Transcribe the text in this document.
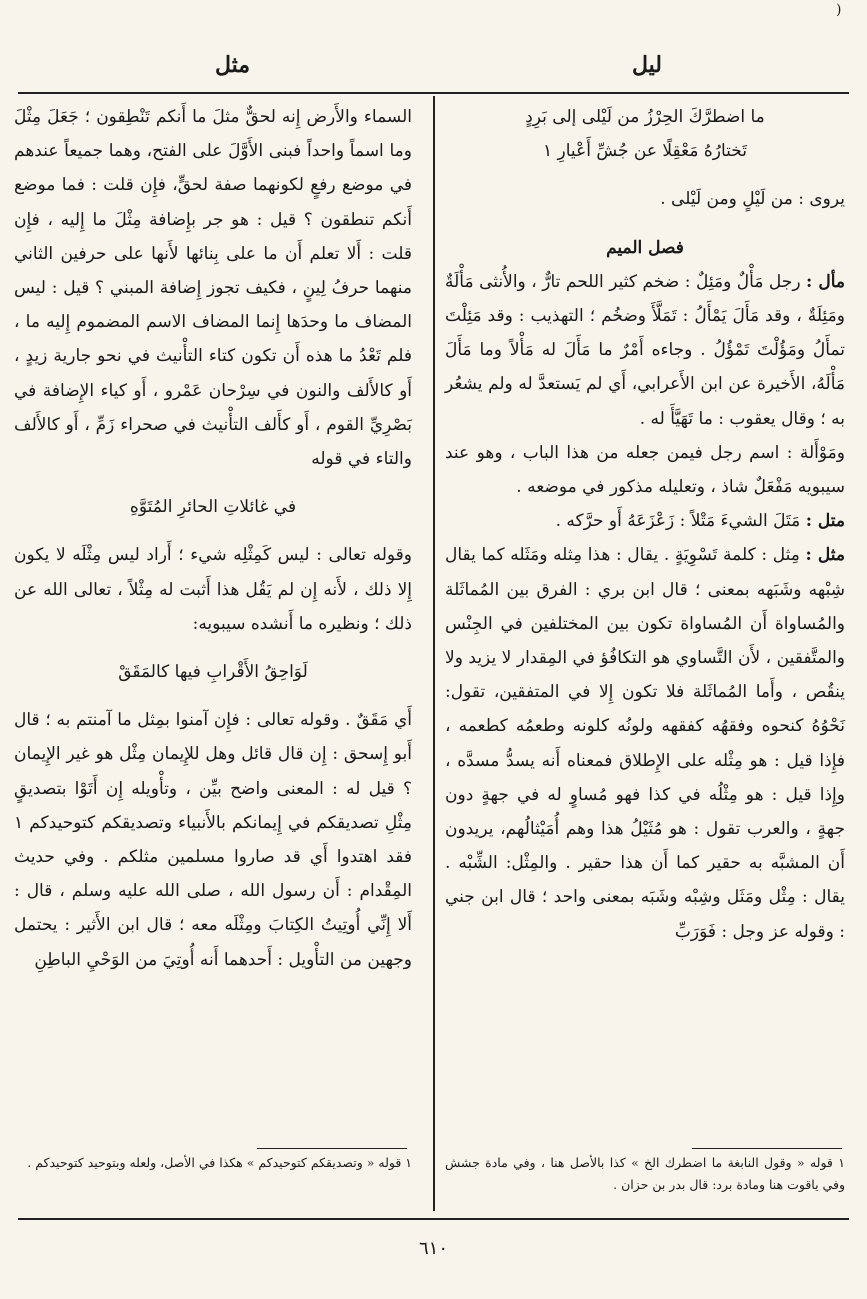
(
ليل
مثل

ما اضطرَّكَ الحِرْزُ من لَيْلى إلى بَرِدٍ

تَختارُهُ مَعْقِلًا عن جُشِّ أَعْيارِ ١

يروى : من لَيْلٍ ومن لَيْلى .

فصل الميم

مأل : رجل مَأْلٌ ومَئِلٌ : ضخم كثير اللحم تارٌّ ، والأُنثى مَأْلَةٌ ومَئِلَةٌ ، وقد مَأَلَ يَمْأَلُ : تَمَلَّأَ وضخُم ؛ التهذيب : وقد مَئِلْتَ تمأَلُ ومَؤُلْتَ تَمْؤُلُ . وجاءه أَمْرٌ ما مَأَلَ له مَأْلاً وما مَأَلَ مَأْلَهُ، الأَخيرة عن ابن الأَعرابي، أَي لم يَستعدَّ له ولم يشعُر به ؛ وقال يعقوب : ما تَهَيَّأَ له .

ومَوْأَلة : اسم رجل فيمن جعله من هذا الباب ، وهو عند سيبويه مَفْعَلٌ شاذ ، وتعليله مذكور في موضعه .

متل : مَتَلَ الشيءَ مَتْلاً : زَعْزَعَهُ أَو حرَّكه .

مثل : مِثل : كلمة تَسْوِيَةٍ . يقال : هذا مِثله ومَثَله كما يقال شِبْهه وشَبَهه بمعنى ؛ قال ابن بري : الفرق بين المُماثَلة والمُساواة أَن المُساواة تكون بين المختلفين في الجِنْس والمتَّفقين ، لأَن التَّساوي هو التكافُؤ في المِقدار لا يزيد ولا ينقُص ، وأَما المُماثَلة فلا تكون إِلا في المتفقين، تقول: نَحْوُهُ كنحوه وفقهُه كفقهه ولونُه كلونه وطعمُه كطعمه ، فإِذا قيل : هو مِثْله على الإِطلاق فمعناه أَنه يسدُّ مسدَّه ، وإِذا قيل : هو مِثْلُه في كذا فهو مُساوٍ له في جهةٍ دون جهةٍ ، والعرب تقول : هو مُثَيْلُ هذا وهم أُمَيْثالُهم، يريدون أَن المشبَّه به حقير كما أَن هذا حقير . والمِثْل: الشِّبْه . يقال : مِثْل ومَثَل وشِبْه وشَبَه بمعنى واحد ؛ قال ابن جني : وقوله عز وجل : فَوَرَبِّ

السماء والأَرض إِنه لحقٌّ مثلَ ما أَنكم تَنْطِقون ؛ جَعَلَ مِثْلَ وما اسماً واحداً فبنى الأَوَّلَ على الفتح، وهما جميعاً عندهم في موضع رفعٍ لكونهما صفة لحقٍّ، فإِن قلت : فما موضع أَنكم تنطقون ؟ قيل : هو جر بإِضافة مِثْلَ ما إِليه ، فإِن قلت : أَلا تعلم أَن ما على بِنائها لأَنها على حرفين الثاني منهما حرفُ لِينٍ ، فكيف تجوز إِضافة المبني ؟ قيل : ليس المضاف ما وحدَها إِنما المضاف الاسم المضموم إِليه ما ، فلم تَعْدُ ما هذه أَن تكون كتاء التأْنيث في نحو جارية زيدٍ ، أَو كالأَلف والنون في سِرْحان عَمْرو ، أَو كياء الإِضافة في بَصْرِيِّ القوم ، أَو كأَلف التأْنيث في صحراء زَمِّ ، أَو كالأَلف والتاء في قوله

في غائلاتِ الحائرِ المُتَوَّهِ

وقوله تعالى : ليس كَمِثْلِه شيء ؛ أَراد ليس مِثْلَه لا يكون إِلا ذلك ، لأَنه إِن لم يَقُل هذا أَثبت له مِثْلاً ، تعالى الله عن ذلك ؛ ونظيره ما أَنشده سيبويه:

لَوَاحِقُ الأَقْرابِ فيها كالمَقَقْ

أَي مَقَقٌ . وقوله تعالى : فإِن آمنوا بمِثل ما آمنتم به ؛ قال أَبو إِسحق : إِن قال قائل وهل للإِيمان مِثْل هو غير الإِيمان ؟ قيل له : المعنى واضح بيِّن ، وتأْويله إِن أَتَوْا بتصديقٍ مِثْلِ تصديقكم في إِيمانكم بالأَنبياء وتصديقكم كتوحيدكم ١ فقد اهتدوا أَي قد صاروا مسلمين مثلكم . وفي حديث المِقْدام : أَن رسول الله ، صلى الله عليه وسلم ، قال : أَلا إِنِّي أُوتِيتُ الكِتابَ ومِثْلَه معه ؛ قال ابن الأَثير : يحتمل وجهين من التأْويل : أَحدهما أَنه أُوتِيَ من الوَحْيِ الباطِنِ

١ قوله « وقول النابغة ما اضطرك الخ » كذا بالأصل هنا ، وفي مادة جشش وفي ياقوت هنا ومادة برد: قال بدر بن حزان .
١ قوله « وتصديقكم كتوحيدكم » هكذا في الأصل، ولعله وبتوحيد كتوحيدكم .
٦١٠
